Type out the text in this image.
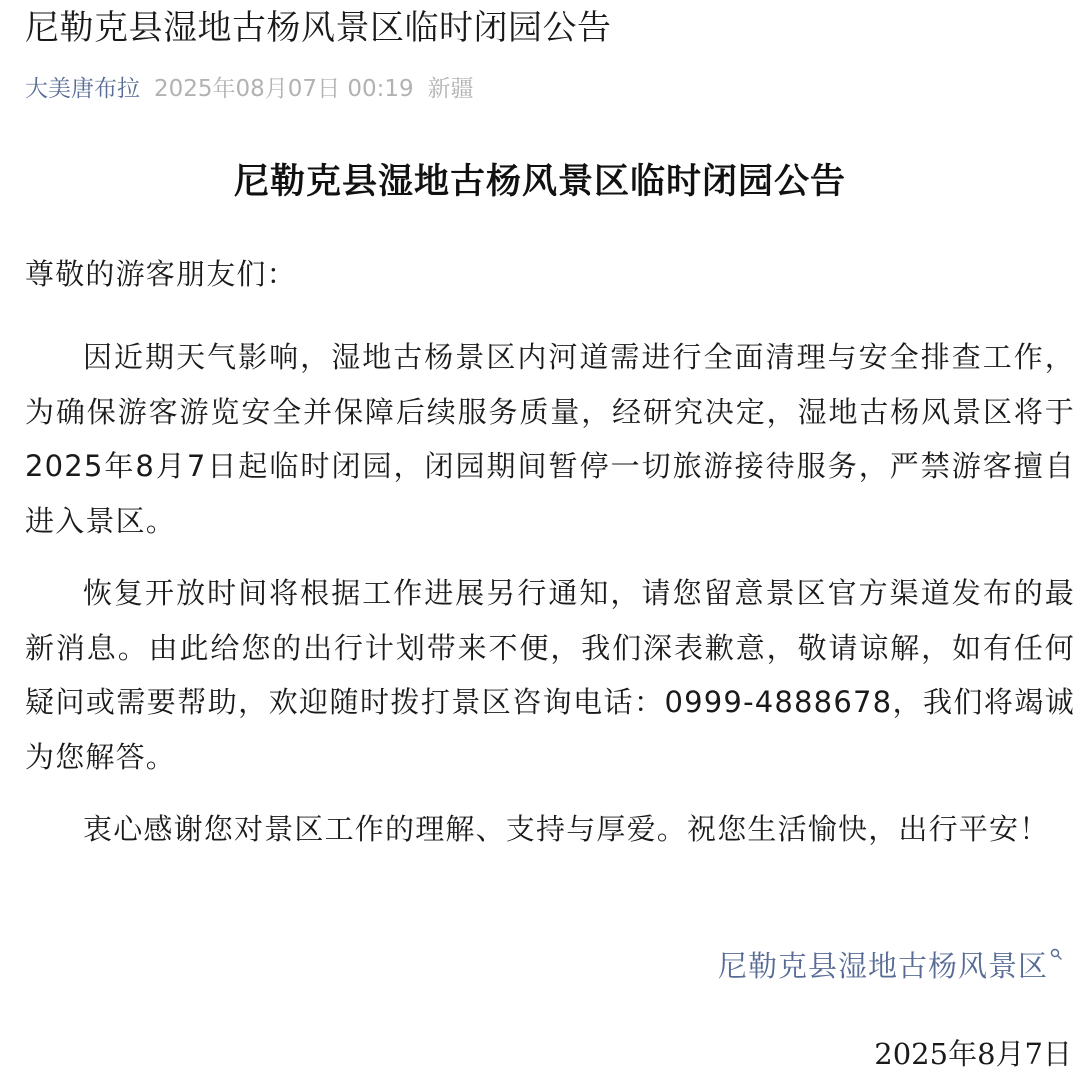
尼勒克县湿地古杨风景区临时闭园公告
大美唐布拉 2025年08月07日 00:19 新疆
尼勒克县湿地古杨风景区临时闭园公告

尊敬的游客朋友们：

因近期天气影响，湿地古杨景区内河道需进行全面清理与安全排查工作，为确保游客游览安全并保障后续服务质量，经研究决定，湿地古杨风景区将于2025年8月7日起临时闭园，闭园期间暂停一切旅游接待服务，严禁游客擅自进入景区。

恢复开放时间将根据工作进展另行通知，请您留意景区官方渠道发布的最新消息。由此给您的出行计划带来不便，我们深表歉意，敬请谅解，如有任何疑问或需要帮助，欢迎随时拨打景区咨询电话：0999-4888678，我们将竭诚为您解答。

衷心感谢您对景区工作的理解、支持与厚爱。祝您生活愉快，出行平安！

尼勒克县湿地古杨风景区
2025年8月7日
